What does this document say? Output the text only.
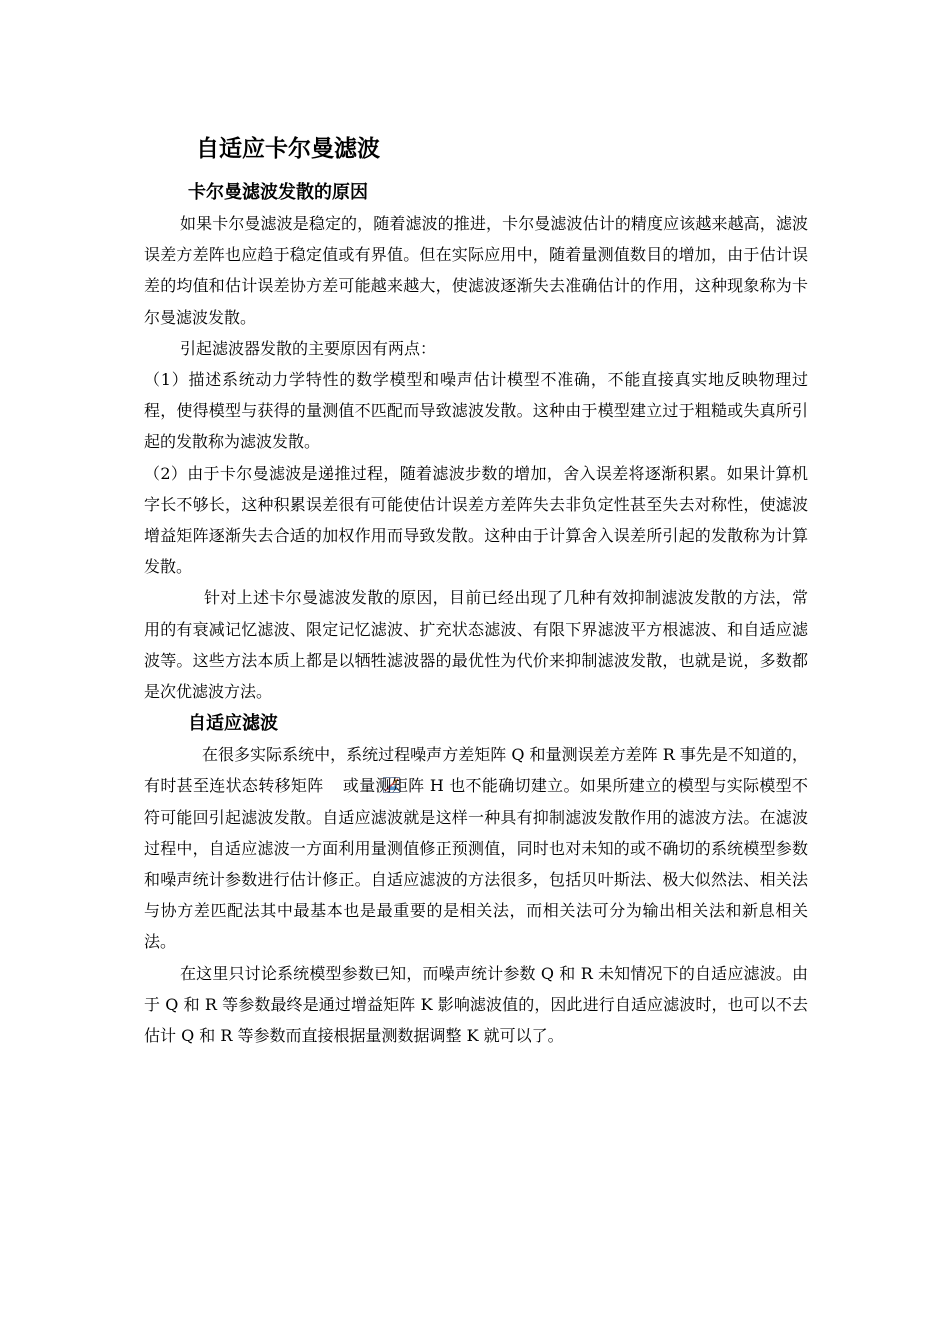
自适应卡尔曼滤波
卡尔曼滤波发散的原因

如果卡尔曼滤波是稳定的，随着滤波的推进，卡尔曼滤波估计的精度应该越来越高，滤波误差方差阵也应趋于稳定值或有界值。但在实际应用中，随着量测值数目的增加，由于估计误差的均值和估计误差协方差可能越来越大，使滤波逐渐失去准确估计的作用，这种现象称为卡尔曼滤波发散。

引起滤波器发散的主要原因有两点：

（1）描述系统动力学特性的数学模型和噪声估计模型不准确，不能直接真实地反映物理过程，使得模型与获得的量测值不匹配而导致滤波发散。这种由于模型建立过于粗糙或失真所引起的发散称为滤波发散。

（2）由于卡尔曼滤波是递推过程，随着滤波步数的增加，舍入误差将逐渐积累。如果计算机字长不够长，这种积累误差很有可能使估计误差方差阵失去非负定性甚至失去对称性，使滤波增益矩阵逐渐失去合适的加权作用而导致发散。这种由于计算舍入误差所引起的发散称为计算发散。

针对上述卡尔曼滤波发散的原因，目前已经出现了几种有效抑制滤波发散的方法，常用的有衰减记忆滤波、限定记忆滤波、扩充状态滤波、有限下界滤波平方根滤波、和自适应滤波等。这些方法本质上都是以牺牲滤波器的最优性为代价来抑制滤波发散，也就是说，多数都是次优滤波方法。

自适应滤波

在很多实际系统中，系统过程噪声方差矩阵 Q 和量测误差方差阵 R 事先是不知道的，有时甚至连状态转移矩阵 或量测矩阵 H 也不能确切建立。如果所建立的模型与实际模型不符可能回引起滤波发散。自适应滤波就是这样一种具有抑制滤波发散作用的滤波方法。在滤波过程中，自适应滤波一方面利用量测值修正预测值，同时也对未知的或不确切的系统模型参数和噪声统计参数进行估计修正。自适应滤波的方法很多，包括贝叶斯法、极大似然法、相关法与协方差匹配法其中最基本也是最重要的是相关法，而相关法可分为输出相关法和新息相关法。

在这里只讨论系统模型参数已知，而噪声统计参数 Q 和 R 未知情况下的自适应滤波。由于 Q 和 R 等参数最终是通过增益矩阵 K 影响滤波值的，因此进行自适应滤波时，也可以不去估计 Q 和 R 等参数而直接根据量测数据调整 K 就可以了。
